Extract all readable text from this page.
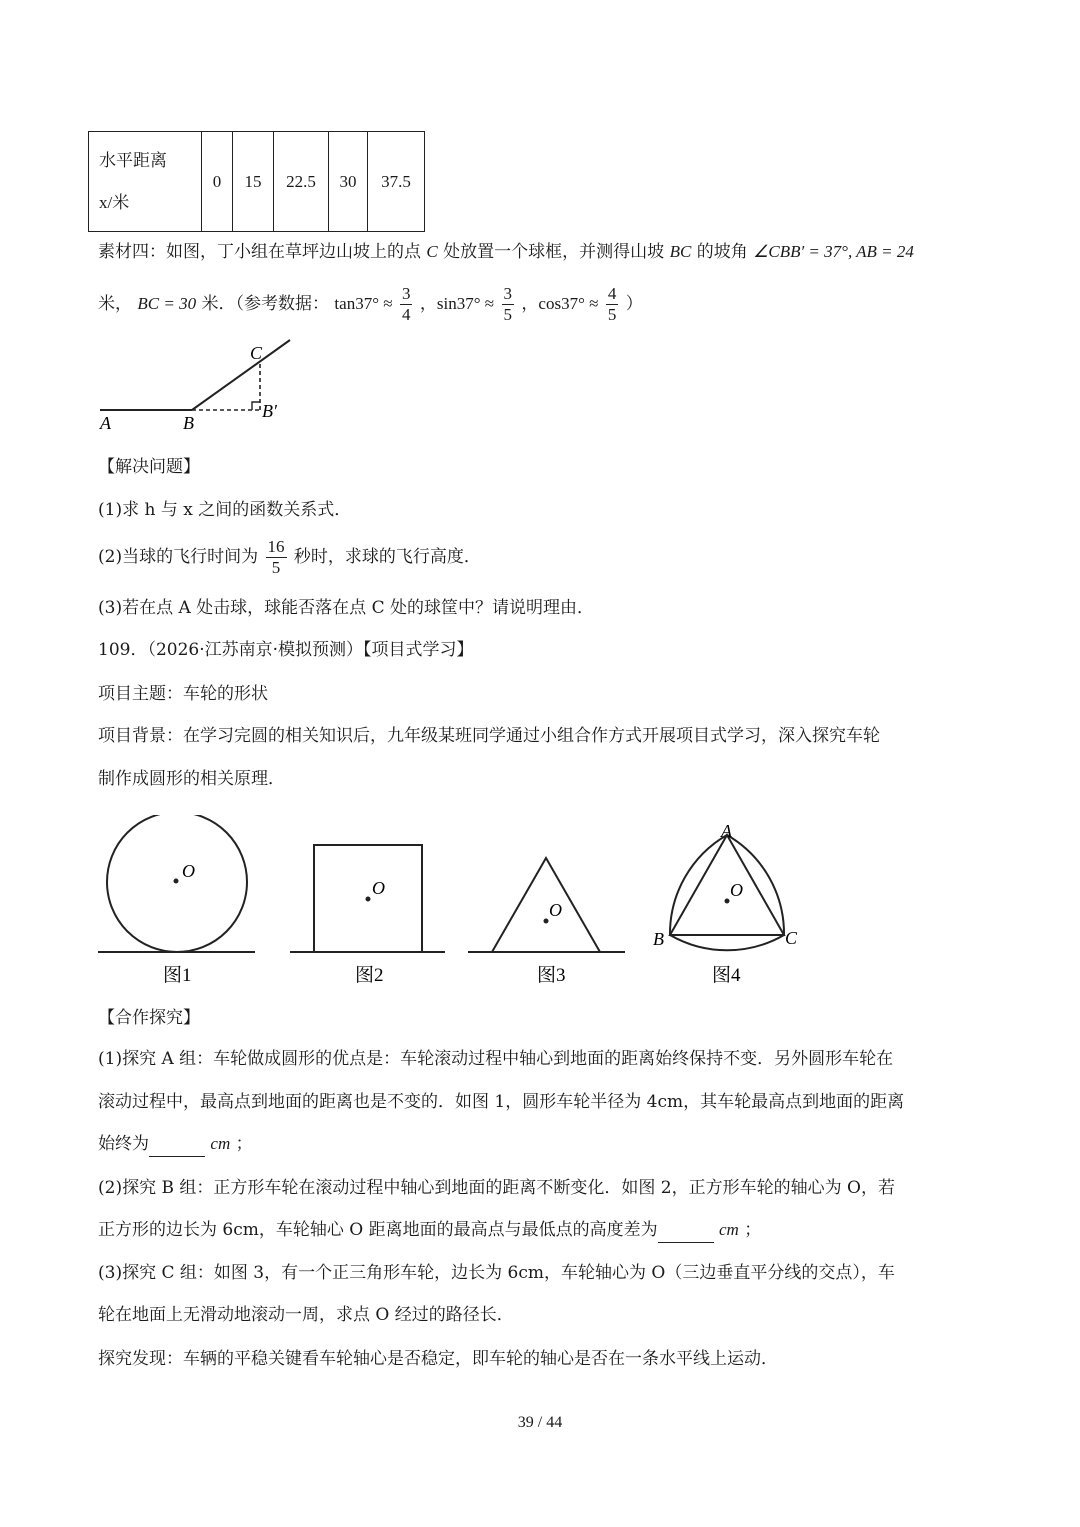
水平距离
x/米
	0	15	22.5	30	37.5
素材四：如图，丁小组在草坪边山坡上的点 C 处放置一个球框，并测得山坡 BC 的坡角 ∠CBB′ = 37°, AB = 24
米， BC = 30 米．（参考数据： $\tan 37^\circ \approx \frac{3}{4}$ ，$\sin 37^\circ \approx \frac{3}{5}$ ，$\cos 37^\circ \approx \frac{4}{5}$ ）
A	B
C
B′
【解决问题】
(1)求 h 与 x 之间的函数关系式．
(2)当球的飞行时间为 $\frac{16}{5}$ 秒时，求球的飞行高度．
(3)若在点 A 处击球，球能否落在点 C 处的球筐中？请说明理由．
109．（2026·江苏南京·模拟预测）【项目式学习】
项目主题：车轮的形状
项目背景：在学习完圆的相关知识后，九年级某班同学通过小组合作方式开展项目式学习，深入探究车轮
制作成圆形的相关原理．
O
图1
O
图2
O
图3
O
A
B	C
图4
【合作探究】
(1)探究 A 组：车轮做成圆形的优点是：车轮滚动过程中轴心到地面的距离始终保持不变．另外圆形车轮在
滚动过程中，最高点到地面的距离也是不变的．如图 1，圆形车轮半径为 4cm，其车轮最高点到地面的距离
始终为	cm ；
(2)探究 B 组：正方形车轮在滚动过程中轴心到地面的距离不断变化．如图 2，正方形车轮的轴心为 O，若
正方形的边长为 6cm，车轮轴心 O 距离地面的最高点与最低点的高度差为	cm ；
(3)探究 C 组：如图 3，有一个正三角形车轮，边长为 6cm，车轮轴心为 O（三边垂直平分线的交点），车
轮在地面上无滑动地滚动一周，求点 O 经过的路径长．
探究发现：车辆的平稳关键看车轮轴心是否稳定，即车轮的轴心是否在一条水平线上运动．
39 / 44
